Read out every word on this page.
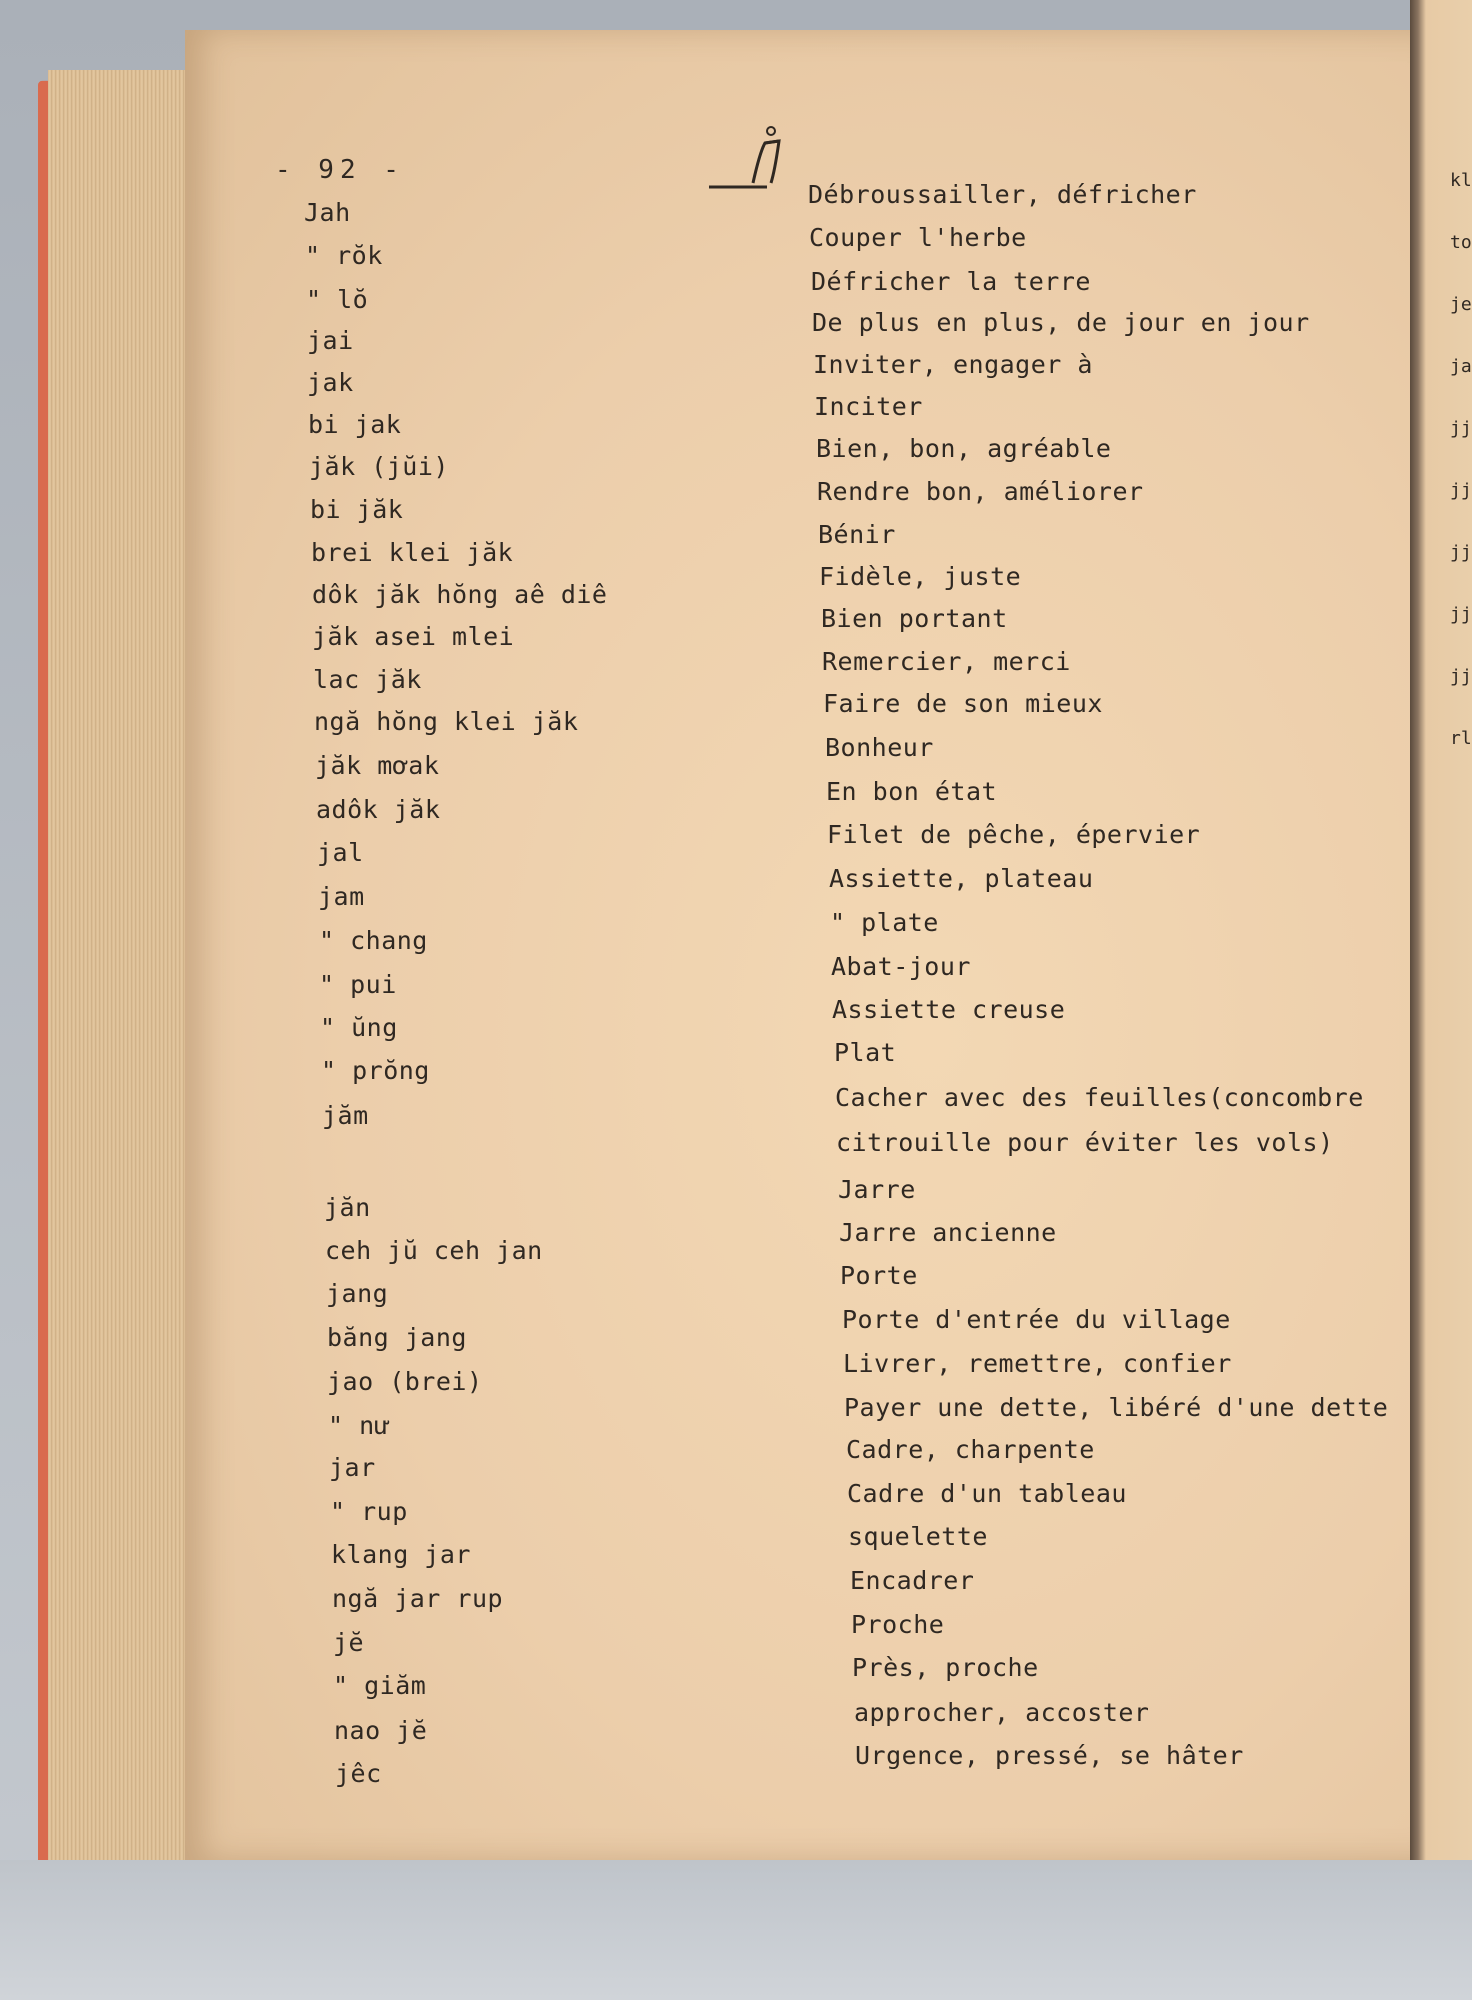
kltojejajjjjjjjjjjrl
- 92 -
Jah
Débroussailler, défricher
" rŏk
Couper l'herbe
" lŏ
Défricher la terre
jai
De plus en plus, de jour en jour
jak
Inviter, engager à
bi jak
Inciter
jăk (jŭi)
Bien, bon, agréable
bi jăk
Rendre bon, améliorer
brei klei jăk
Bénir
dôk jăk hŏng aê diê
Fidèle, juste
jăk asei mlei
Bien portant
lac jăk
Remercier, merci
ngă hŏng klei jăk
Faire de son mieux
jăk mơak
Bonheur
adôk jăk
En bon état
jal
Filet de pêche, épervier
jam
Assiette, plateau
" chang
" plate
" pui
Abat-jour
" ŭng
Assiette creuse
" prŏng
Plat
jăm
Cacher avec des feuilles(concombre
citrouille pour éviter les vols)
jăn
Jarre
ceh jŭ ceh jan
Jarre ancienne
jang
Porte
băng jang
Porte d'entrée du village
jao (brei)
Livrer, remettre, confier
" nư
Payer une dette, libéré d'une dette
jar
Cadre, charpente
" rup
Cadre d'un tableau
klang jar
squelette
ngă jar rup
Encadrer
jĕ
Proche
" giăm
Près, proche
nao jĕ
approcher, accoster
jêc
Urgence, pressé, se hâter
